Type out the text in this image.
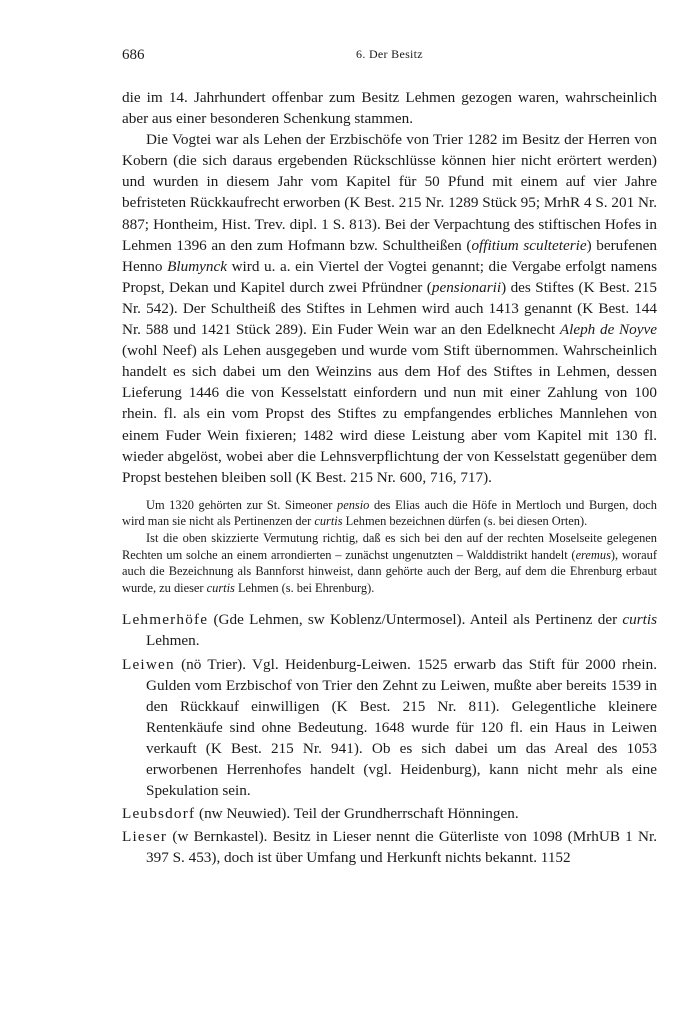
686	6. Der Besitz

die im 14. Jahrhundert offenbar zum Besitz Lehmen gezogen waren, wahrscheinlich aber aus einer besonderen Schenkung stammen.

Die Vogtei war als Lehen der Erzbischöfe von Trier 1282 im Besitz der Herren von Kobern (die sich daraus ergebenden Rückschlüsse können hier nicht erörtert werden) und wurden in diesem Jahr vom Kapitel für 50 Pfund mit einem auf vier Jahre befristeten Rückkaufrecht erworben (K Best. 215 Nr. 1289 Stück 95; MrhR 4 S. 201 Nr. 887; Hontheim, Hist. Trev. dipl. 1 S. 813). Bei der Verpachtung des stiftischen Hofes in Lehmen 1396 an den zum Hofmann bzw. Schultheißen (offitium sculteterie) berufenen Henno Blumynck wird u. a. ein Viertel der Vogtei genannt; die Vergabe erfolgt namens Propst, Dekan und Kapitel durch zwei Pfründner (pensionarii) des Stiftes (K Best. 215 Nr. 542). Der Schultheiß des Stiftes in Lehmen wird auch 1413 genannt (K Best. 144 Nr. 588 und 1421 Stück 289). Ein Fuder Wein war an den Edelknecht Aleph de Noyve (wohl Neef) als Lehen ausgegeben und wurde vom Stift übernommen. Wahrscheinlich handelt es sich dabei um den Weinzins aus dem Hof des Stiftes in Lehmen, dessen Lieferung 1446 die von Kesselstatt einfordern und nun mit einer Zahlung von 100 rhein. fl. als ein vom Propst des Stiftes zu empfangendes erbliches Mannlehen von einem Fuder Wein fixieren; 1482 wird diese Leistung aber vom Kapitel mit 130 fl. wieder abgelöst, wobei aber die Lehnsverpflichtung der von Kesselstatt gegenüber dem Propst bestehen bleiben soll (K Best. 215 Nr. 600, 716, 717).

Um 1320 gehörten zur St. Simeoner pensio des Elias auch die Höfe in Mertloch und Burgen, doch wird man sie nicht als Pertinenzen der curtis Lehmen bezeichnen dürfen (s. bei diesen Orten).

Ist die oben skizzierte Vermutung richtig, daß es sich bei den auf der rechten Moselseite gelegenen Rechten um solche an einem arrondierten – zunächst ungenutzten – Walddistrikt handelt (eremus), worauf auch die Bezeichnung als Bannforst hinweist, dann gehörte auch der Berg, auf dem die Ehrenburg erbaut wurde, zu dieser curtis Lehmen (s. bei Ehrenburg).

Lehmerhöfe (Gde Lehmen, sw Koblenz/Untermosel). Anteil als Pertinenz der curtis Lehmen.

Leiwen (nö Trier). Vgl. Heidenburg-Leiwen. 1525 erwarb das Stift für 2000 rhein. Gulden vom Erzbischof von Trier den Zehnt zu Leiwen, mußte aber bereits 1539 in den Rückkauf einwilligen (K Best. 215 Nr. 811). Gelegentliche kleinere Rentenkäufe sind ohne Bedeutung. 1648 wurde für 120 fl. ein Haus in Leiwen verkauft (K Best. 215 Nr. 941). Ob es sich dabei um das Areal des 1053 erworbenen Herrenhofes handelt (vgl. Heidenburg), kann nicht mehr als eine Spekulation sein.

Leubsdorf (nw Neuwied). Teil der Grundherrschaft Hönningen.

Lieser (w Bernkastel). Besitz in Lieser nennt die Güterliste von 1098 (MrhUB 1 Nr. 397 S. 453), doch ist über Umfang und Herkunft nichts bekannt. 1152
